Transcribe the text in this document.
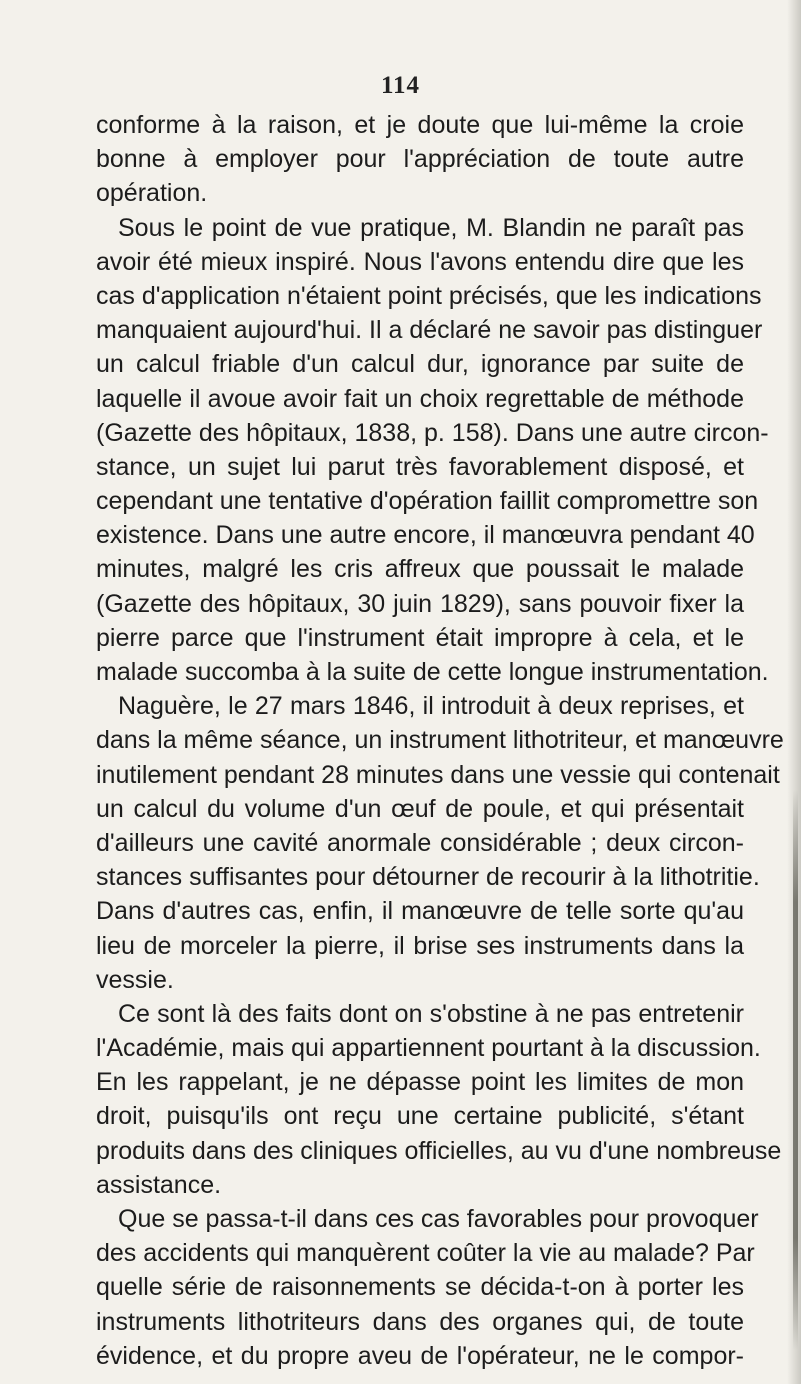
114
conforme à la raison, et je doute que lui-même la croie
bonne à employer pour l'appréciation de toute autre
opération.
Sous le point de vue pratique, M. Blandin ne paraît pas
avoir été mieux inspiré. Nous l'avons entendu dire que les
cas d'application n'étaient point précisés, que les indications
manquaient aujourd'hui. Il a déclaré ne savoir pas distinguer
un calcul friable d'un calcul dur, ignorance par suite de
laquelle il avoue avoir fait un choix regrettable de méthode
(Gazette des hôpitaux, 1838, p. 158). Dans une autre circon-
stance, un sujet lui parut très favorablement disposé, et
cependant une tentative d'opération faillit compromettre son
existence. Dans une autre encore, il manœuvra pendant 40
minutes, malgré les cris affreux que poussait le malade
(Gazette des hôpitaux, 30 juin 1829), sans pouvoir fixer la
pierre parce que l'instrument était impropre à cela, et le
malade succomba à la suite de cette longue instrumentation.
Naguère, le 27 mars 1846, il introduit à deux reprises, et
dans la même séance, un instrument lithotriteur, et manœuvre
inutilement pendant 28 minutes dans une vessie qui contenait
un calcul du volume d'un œuf de poule, et qui présentait
d'ailleurs une cavité anormale considérable ; deux circon-
stances suffisantes pour détourner de recourir à la lithotritie.
Dans d'autres cas, enfin, il manœuvre de telle sorte qu'au
lieu de morceler la pierre, il brise ses instruments dans la
vessie.
Ce sont là des faits dont on s'obstine à ne pas entretenir
l'Académie, mais qui appartiennent pourtant à la discussion.
En les rappelant, je ne dépasse point les limites de mon
droit, puisqu'ils ont reçu une certaine publicité, s'étant
produits dans des cliniques officielles, au vu d'une nombreuse
assistance.
Que se passa-t-il dans ces cas favorables pour provoquer
des accidents qui manquèrent coûter la vie au malade? Par
quelle série de raisonnements se décida-t-on à porter les
instruments lithotriteurs dans des organes qui, de toute
évidence, et du propre aveu de l'opérateur, ne le compor-
